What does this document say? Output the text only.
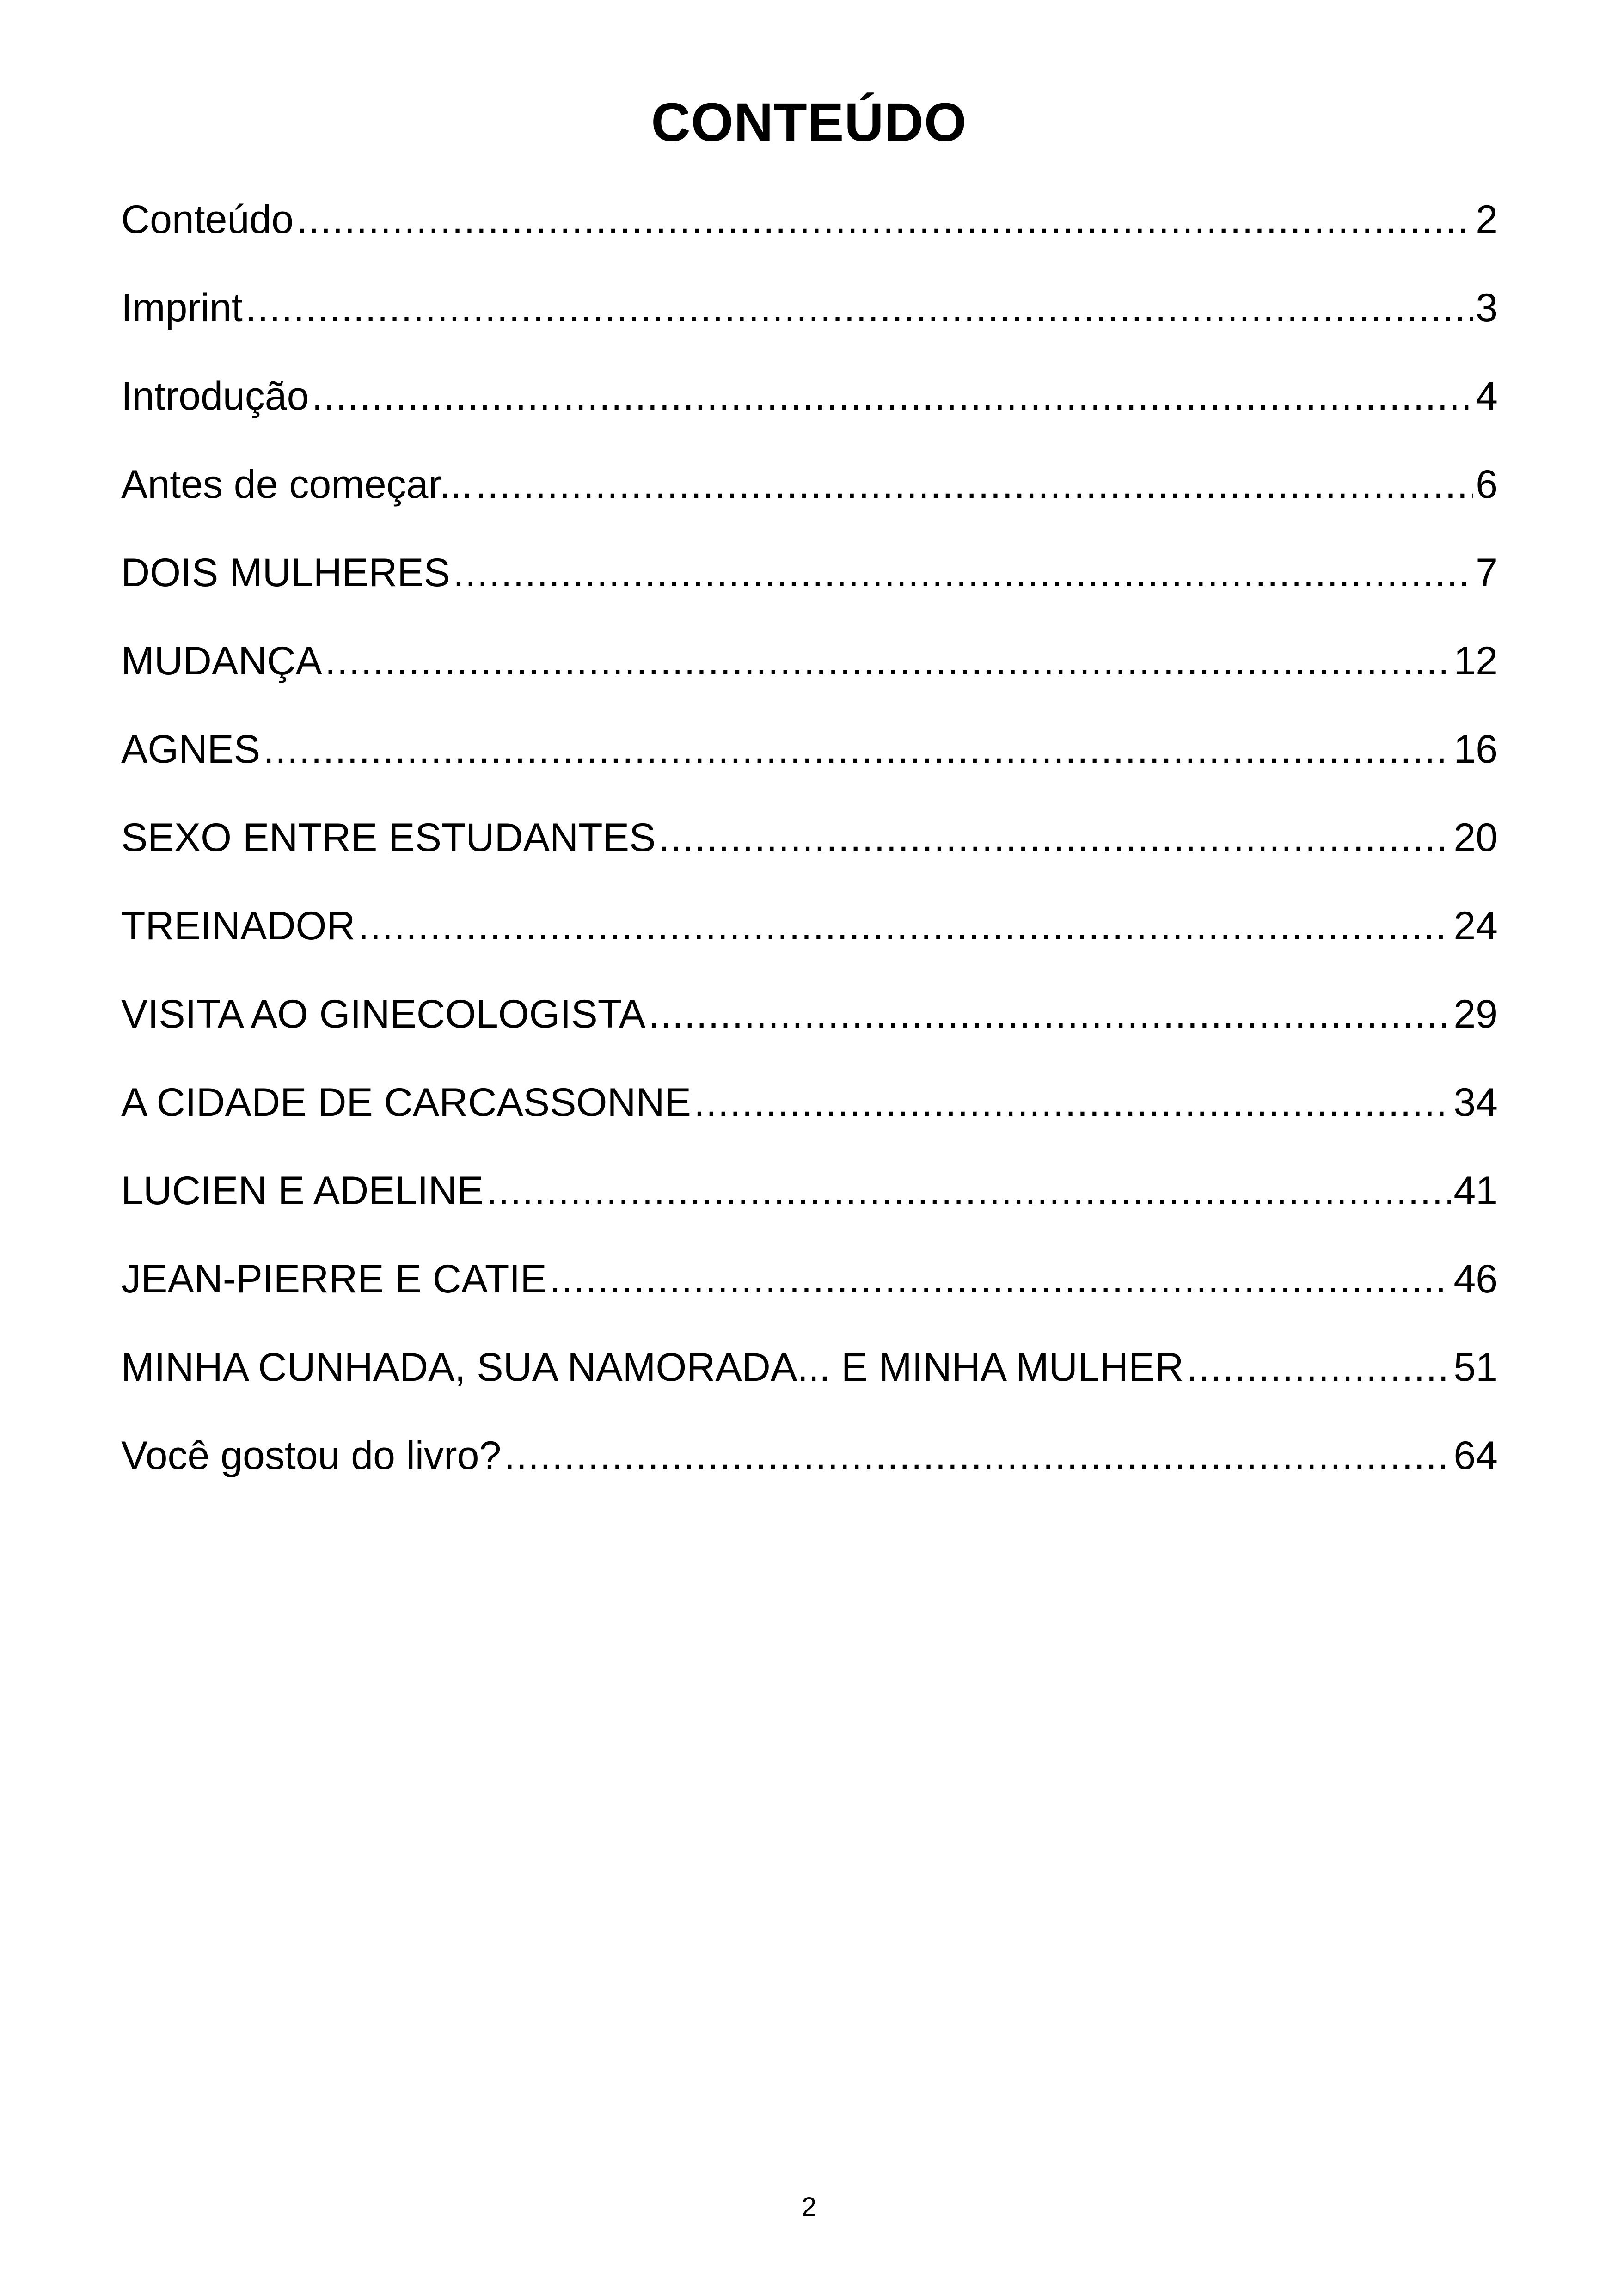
CONTEÚDO
Conteúdo .....	2
Imprint .....	3
Introdução .....	4
Antes de começar... .....	6
DOIS MULHERES .....	7
MUDANÇA .....	12
AGNES .....	16
SEXO ENTRE ESTUDANTES .....	20
TREINADOR .....	24
VISITA AO GINECOLOGISTA .....	29
A CIDADE DE CARCASSONNE .....	34
LUCIEN E ADELINE .....	41
JEAN-PIERRE E CATIE .....	46
MINHA CUNHADA, SUA NAMORADA... E MINHA MULHER .....	51
Você gostou do livro? .....	64
2
